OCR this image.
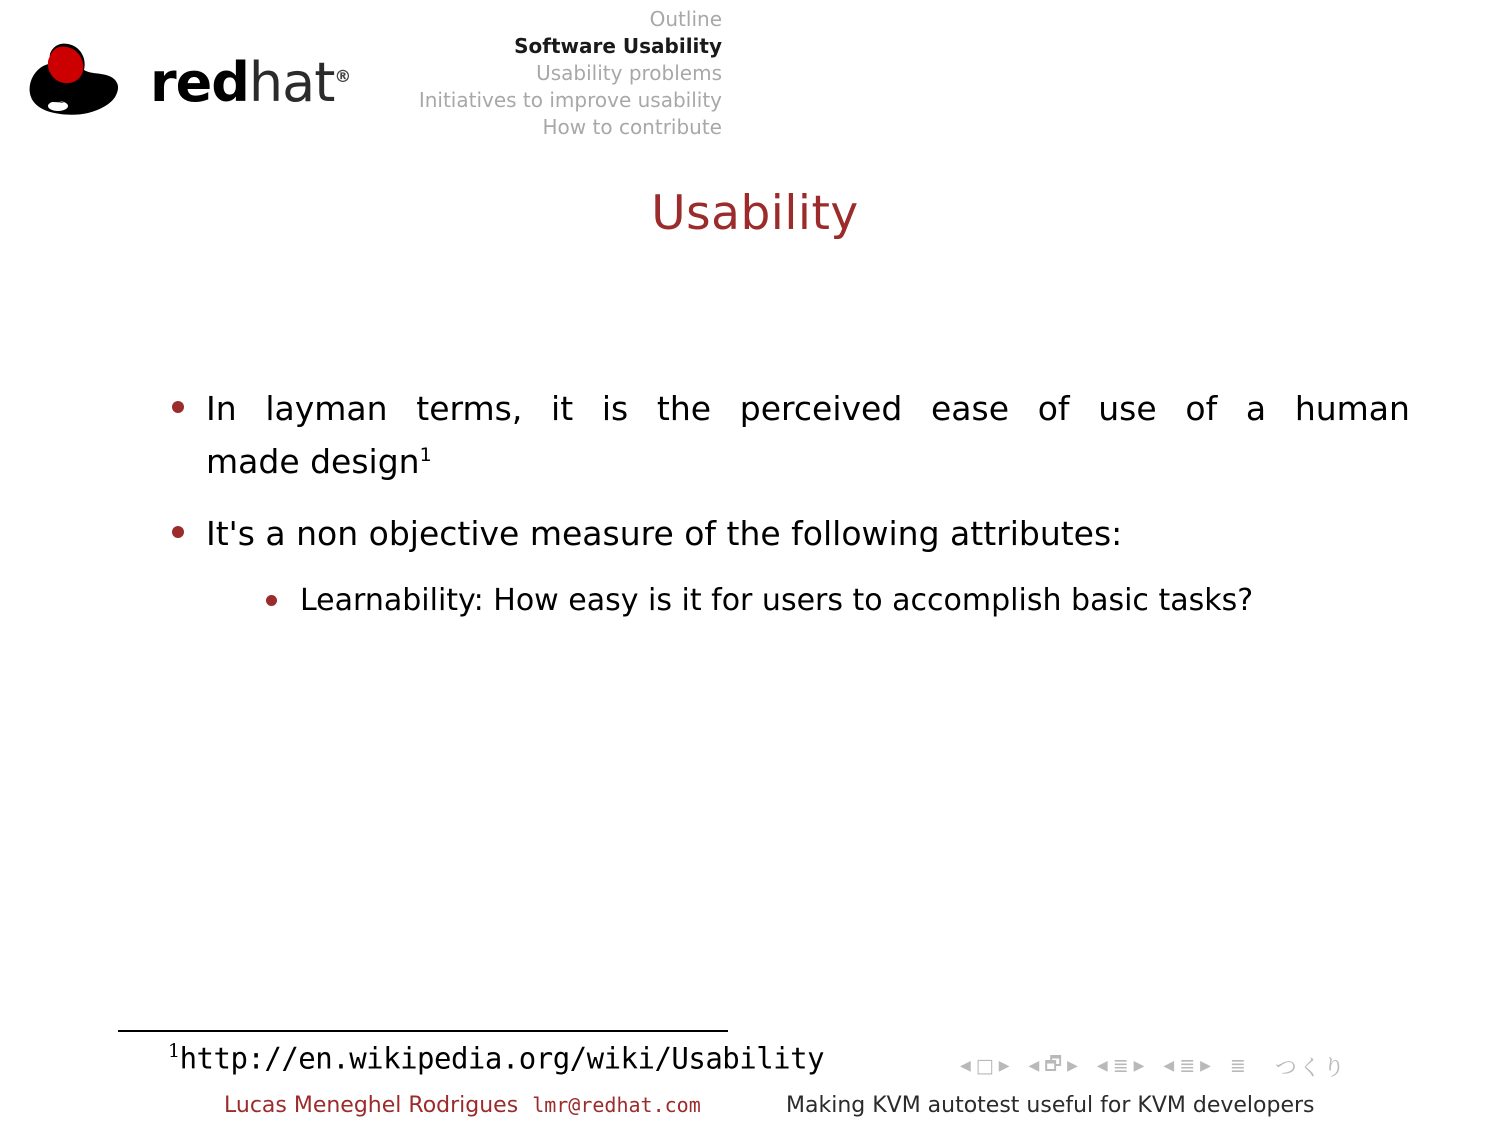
redhat®
Outline
Software Usability
Usability problems
Initiatives to improve usability
How to contribute
Usability
In layman terms, it is the perceived ease of use of a human
made design$^1$
It's a non objective measure of the following attributes:
Learnability: How easy is it for users to accomplish basic tasks?
$^1$http://en.wikipedia.org/wiki/Usability	◀ □ ▶ ◀ 🗗 ▶ ◀ ≣ ▶ ◀ ≣ ▶ ≣ つくり
Lucas Meneghel Rodrigues lmr@redhat.com	Making KVM autotest useful for KVM developers
